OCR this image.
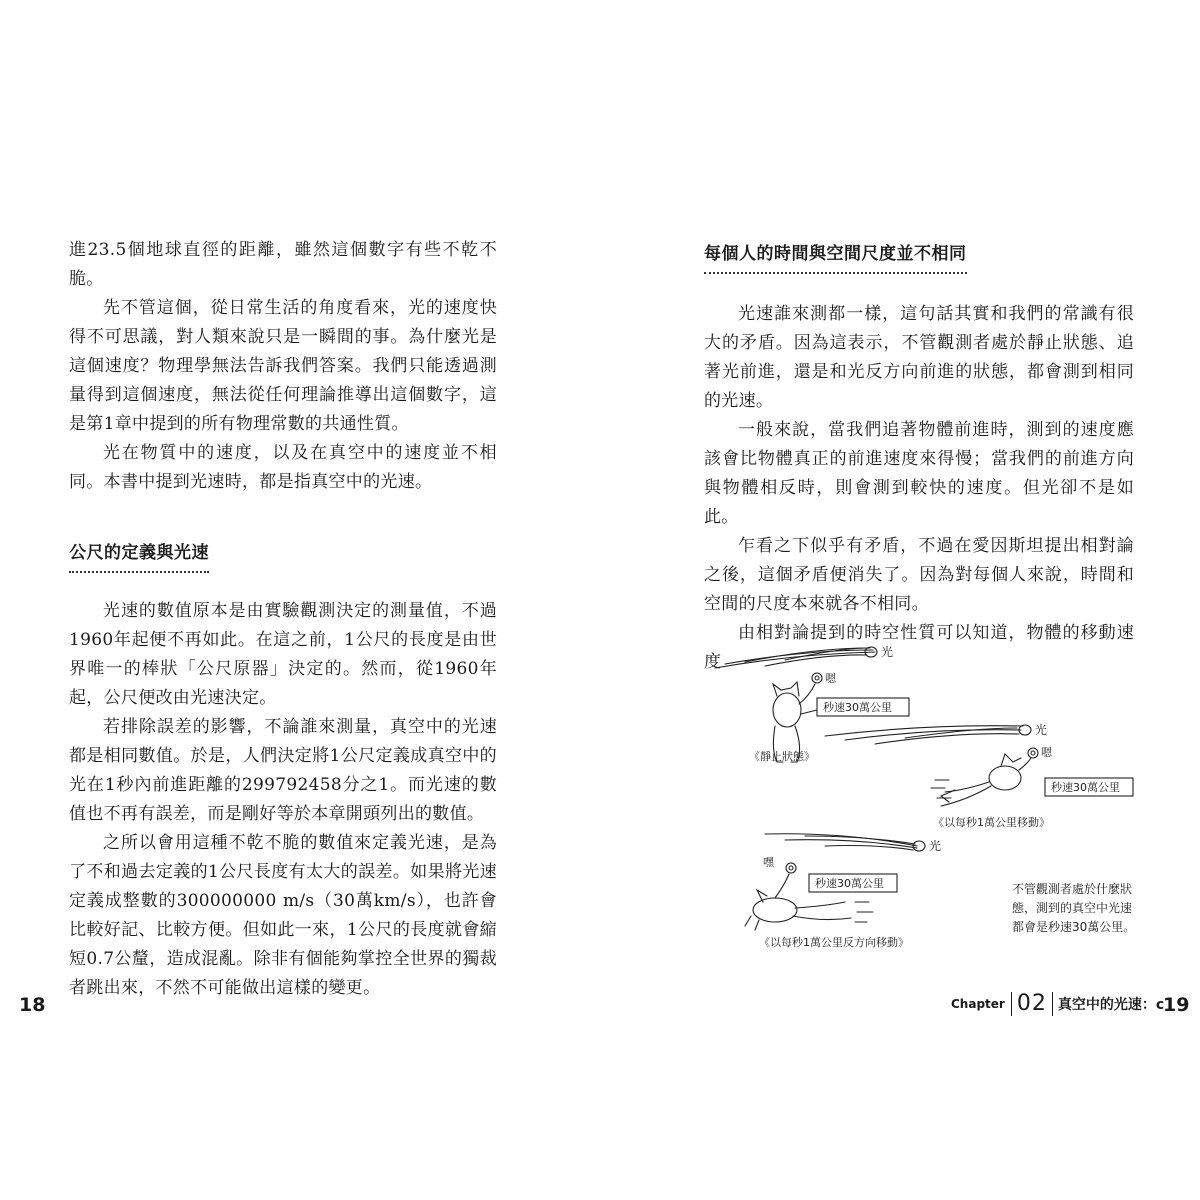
進23.5個地球直徑的距離，雖然這個數字有些不乾不脆。

先不管這個，從日常生活的角度看來，光的速度快得不可思議，對人類來說只是一瞬間的事。為什麼光是這個速度？物理學無法告訴我們答案。我們只能透過測量得到這個速度，無法從任何理論推導出這個數字，這是第1章中提到的所有物理常數的共通性質。

光在物質中的速度，以及在真空中的速度並不相同。本書中提到光速時，都是指真空中的光速。

公尺的定義與光速

光速的數值原本是由實驗觀測決定的測量值，不過1960年起便不再如此。在這之前，1公尺的長度是由世界唯一的棒狀「公尺原器」決定的。然而，從1960年起，公尺便改由光速決定。

若排除誤差的影響，不論誰來測量，真空中的光速都是相同數值。於是，人們決定將1公尺定義成真空中的光在1秒內前進距離的299792458分之1。而光速的數值也不再有誤差，而是剛好等於本章開頭列出的數值。

之所以會用這種不乾不脆的數值來定義光速，是為了不和過去定義的1公尺長度有太大的誤差。如果將光速定義成整數的300000000 m/s（30萬km/s），也許會比較好記、比較方便。但如此一來，1公尺的長度就會縮短0.7公釐，造成混亂。除非有個能夠掌控全世界的獨裁者跳出來，不然不可能做出這樣的變更。

18
每個人的時間與空間尺度並不相同

光速誰來測都一樣，這句話其實和我們的常識有很大的矛盾。因為這表示，不管觀測者處於靜止狀態、追著光前進，還是和光反方向前進的狀態，都會測到相同的光速。

一般來說，當我們追著物體前進時，測到的速度應該會比物體真正的前進速度來得慢；當我們的前進方向與物體相反時，則會測到較快的速度。但光卻不是如此。

乍看之下似乎有矛盾，不過在愛因斯坦提出相對論之後，這個矛盾便消失了。因為對每個人來說，時間和空間的尺度本來就各不相同。

由相對論提到的時空性質可以知道，物體的移動速度	光
嗯
秒速30萬公里
《靜止狀態》
光
嗯
秒速30萬公里
《以每秒1萬公里移動》
光
嘿
秒速30萬公里
《以每秒1萬公里反方向移動》
不管觀測者處於什麼狀態，測到的真空中光速都會是秒速30萬公里。
Chapter 02 真空中的光速：c
19
